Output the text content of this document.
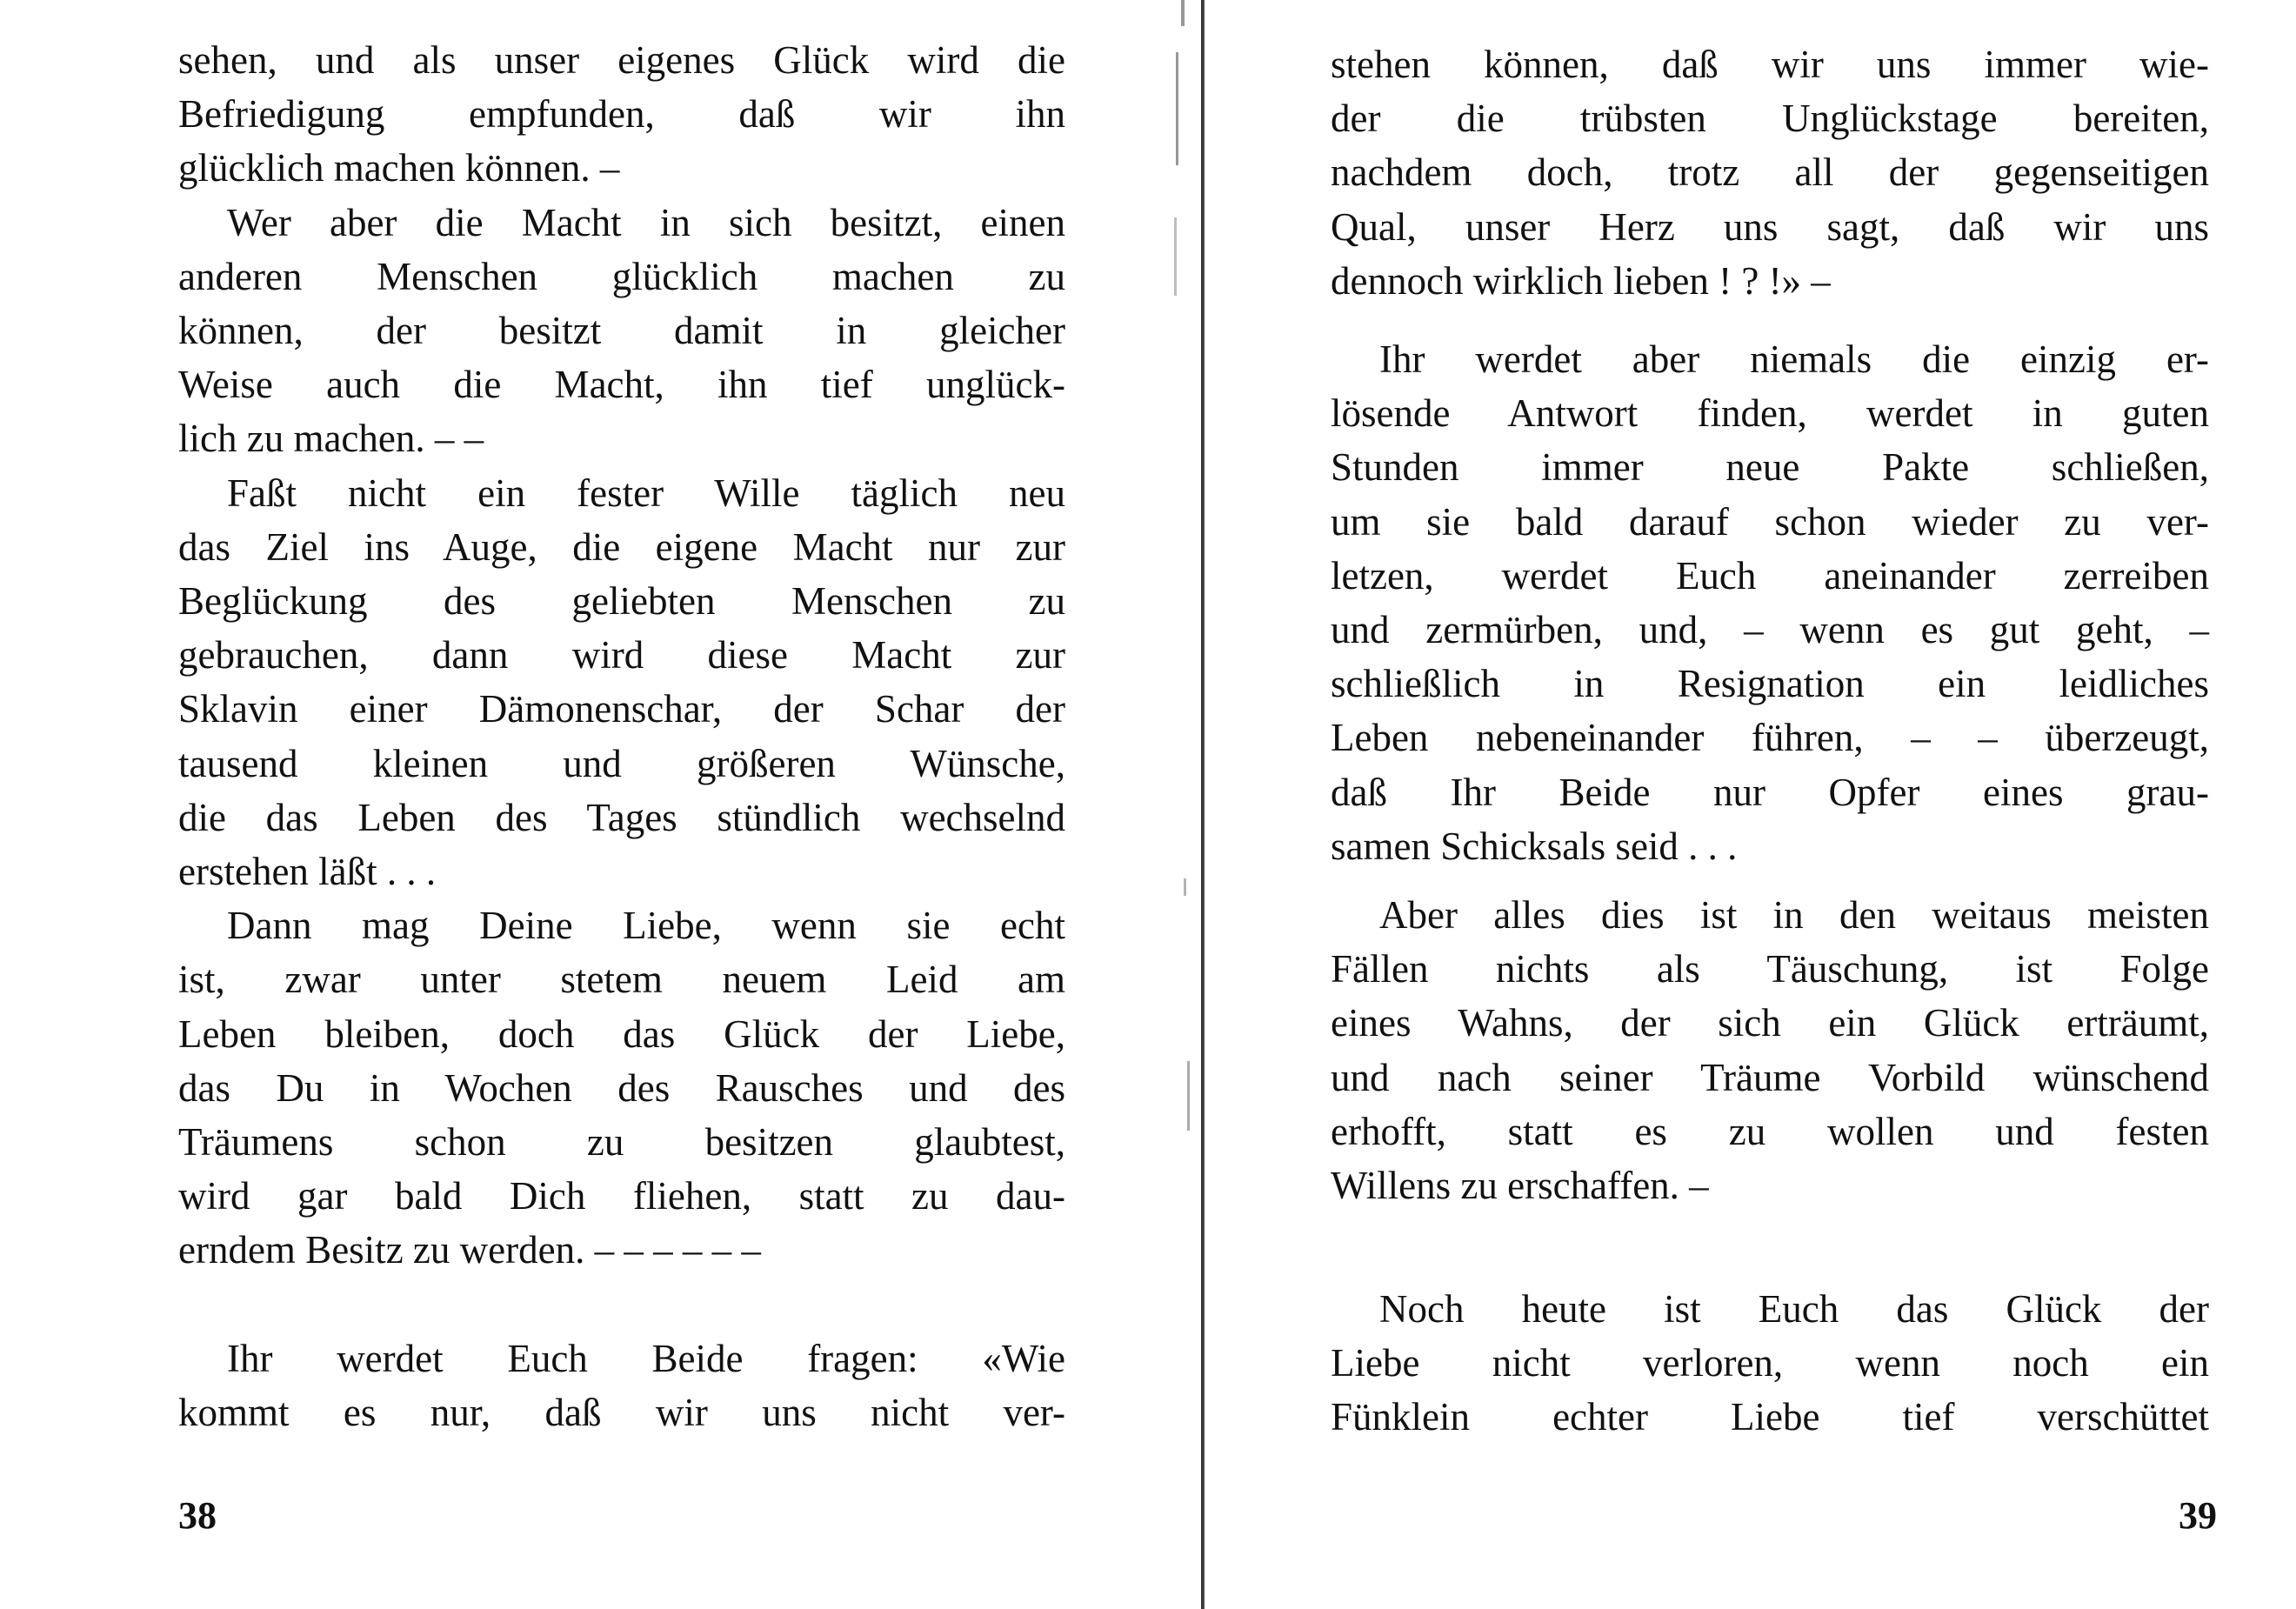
sehen, und als unser eigenes Glück wird die
Befriedigung empfunden, daß wir ihn
glücklich machen können. –
Wer aber die Macht in sich besitzt, einen
anderen Menschen glücklich machen zu
können, der besitzt damit in gleicher
Weise auch die Macht, ihn tief unglück-
lich zu machen. – –
Faßt nicht ein fester Wille täglich neu
das Ziel ins Auge, die eigene Macht nur zur
Beglückung des geliebten Menschen zu
gebrauchen, dann wird diese Macht zur
Sklavin einer Dämonenschar, der Schar der
tausend kleinen und größeren Wünsche,
die das Leben des Tages stündlich wechselnd
erstehen läßt . . .
Dann mag Deine Liebe, wenn sie echt
ist, zwar unter stetem neuem Leid am
Leben bleiben, doch das Glück der Liebe,
das Du in Wochen des Rausches und des
Träumens schon zu besitzen glaubtest,
wird gar bald Dich fliehen, statt zu dau-
erndem Besitz zu werden. – – – – – –
Ihr werdet Euch Beide fragen: «Wie
kommt es nur, daß wir uns nicht ver-
38
stehen können, daß wir uns immer wie-
der die trübsten Unglückstage bereiten,
nachdem doch, trotz all der gegenseitigen
Qual, unser Herz uns sagt, daß wir uns
dennoch wirklich lieben ! ? !» –
Ihr werdet aber niemals die einzig er-
lösende Antwort finden, werdet in guten
Stunden immer neue Pakte schließen,
um sie bald darauf schon wieder zu ver-
letzen, werdet Euch aneinander zerreiben
und zermürben, und, – wenn es gut geht, –
schließlich in Resignation ein leidliches
Leben nebeneinander führen, – – überzeugt,
daß Ihr Beide nur Opfer eines grau-
samen Schicksals seid . . .
Aber alles dies ist in den weitaus meisten
Fällen nichts als Täuschung, ist Folge
eines Wahns, der sich ein Glück erträumt,
und nach seiner Träume Vorbild wünschend
erhofft, statt es zu wollen und festen
Willens zu erschaffen. –
Noch heute ist Euch das Glück der
Liebe nicht verloren, wenn noch ein
Fünklein echter Liebe tief verschüttet
39
